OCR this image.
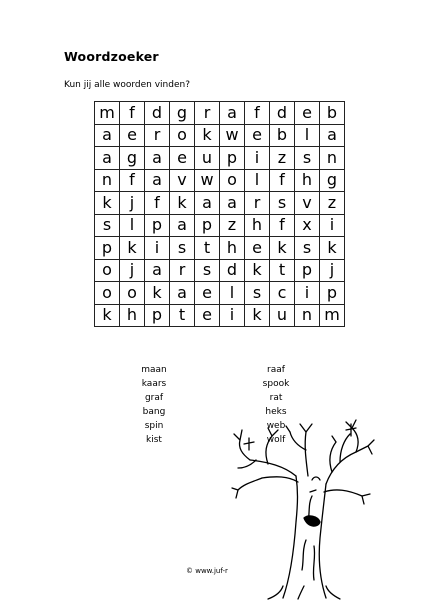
Woordzoeker
Kun jij alle woorden vinden?
m f	d g	r	a	f	d e b
a e	r	o k w e b	l	a
a g a e u p	i	z	s n
n	f	a v w o	l	f	h g
k	j	f	k a a	r	s	v	z
s	l	p a p z h	f	x	i
p k	i	s	t	h e k	s	k
o	j	a	r	s d k	t	p	j
o o k a e	l	s	c	i	p
k h p	t	e	i	k u n m
maan
kaars
graf
bang
spin
kist
raaf
spook
rat
heks
web
wolf
© www.juf-r
